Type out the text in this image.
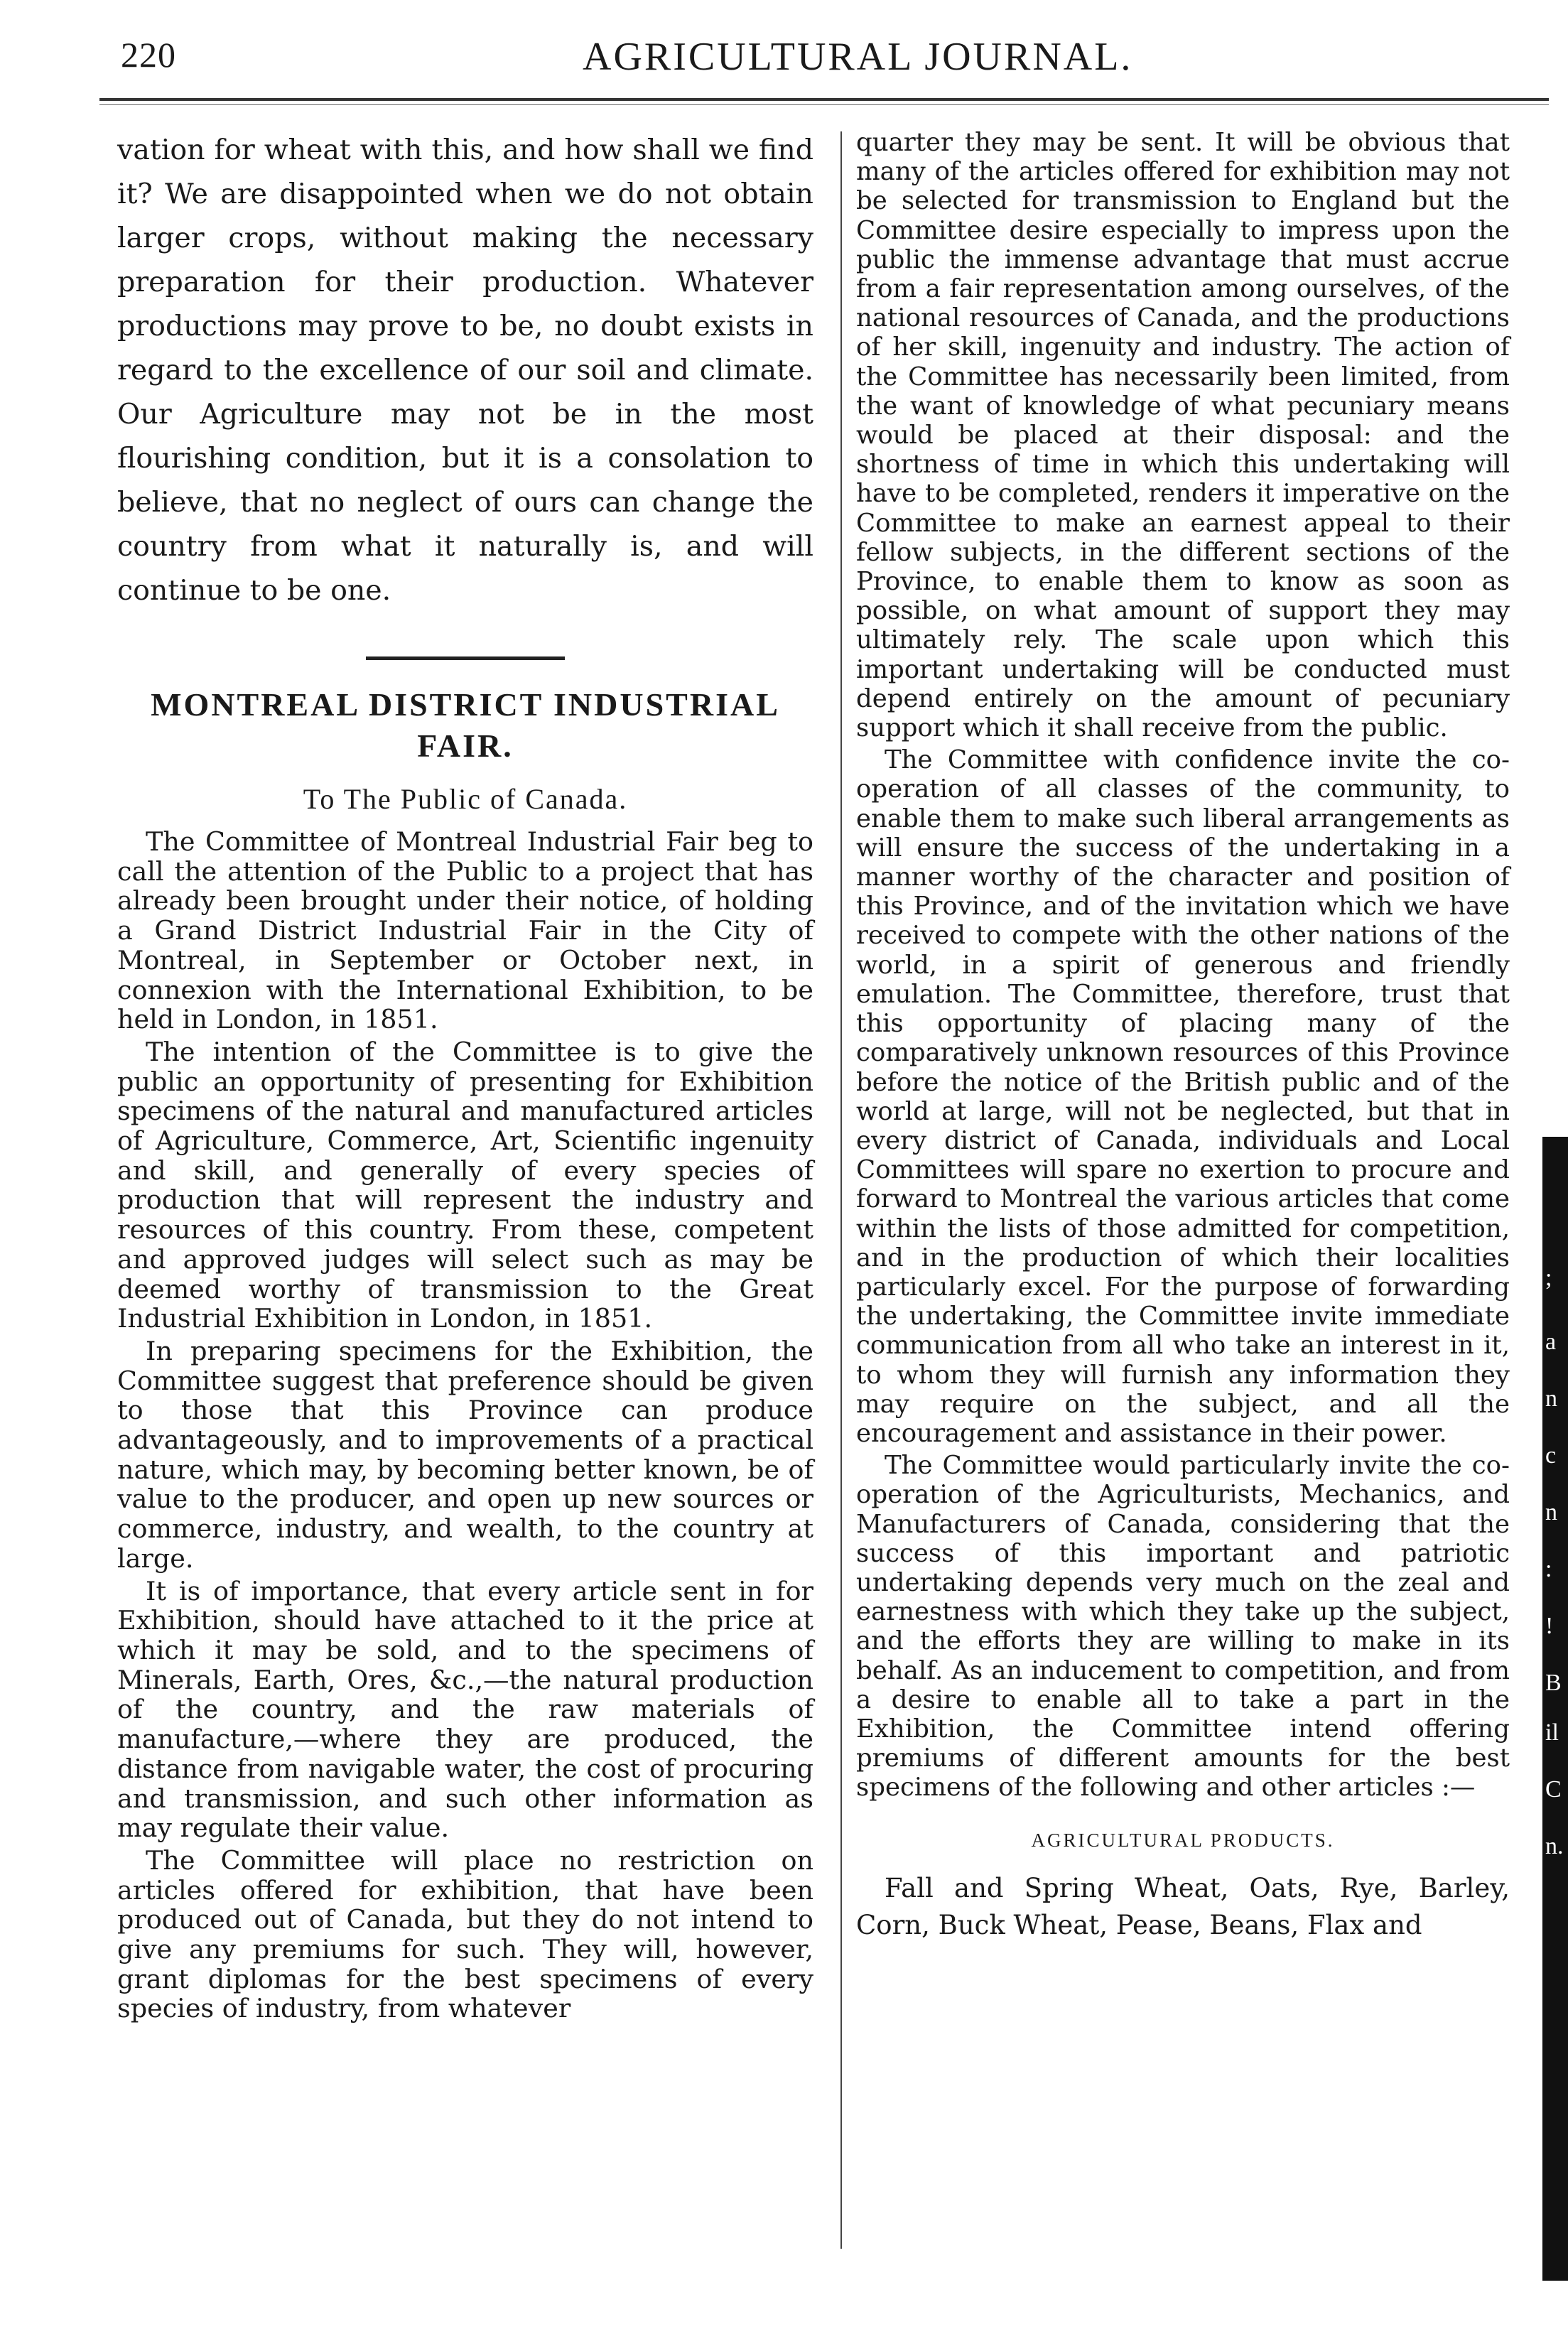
220	AGRICULTURAL JOURNAL.

vation for wheat with this, and how shall we find it? We are disappointed when we do not obtain larger crops, without making the necessary preparation for their production. Whatever productions may prove to be, no doubt exists in regard to the excellence of our soil and climate. Our Agriculture may not be in the most flourishing condition, but it is a consolation to believe, that no neglect of ours can change the country from what it naturally is, and will continue to be one.

MONTREAL DISTRICT INDUSTRIAL FAIR.
To The Public of Canada.

The Committee of Montreal Industrial Fair beg to call the attention of the Public to a project that has already been brought under their notice, of holding a Grand District Industrial Fair in the City of Montreal, in September or October next, in connexion with the International Exhibition, to be held in London, in 1851.

The intention of the Committee is to give the public an opportunity of presenting for Exhibition specimens of the natural and manufactured articles of Agriculture, Commerce, Art, Scientific ingenuity and skill, and generally of every species of production that will represent the industry and resources of this country. From these, competent and approved judges will select such as may be deemed worthy of transmission to the Great Industrial Exhibition in London, in 1851.

In preparing specimens for the Exhibition, the Committee suggest that preference should be given to those that this Province can produce advantageously, and to improvements of a practical nature, which may, by becoming better known, be of value to the producer, and open up new sources or commerce, industry, and wealth, to the country at large.

It is of importance, that every article sent in for Exhibition, should have attached to it the price at which it may be sold, and to the specimens of Minerals, Earth, Ores, &c.,—the natural production of the country, and the raw materials of manufacture,—where they are produced, the distance from navigable water, the cost of procuring and transmission, and such other information as may regulate their value.

The Committee will place no restriction on articles offered for exhibition, that have been produced out of Canada, but they do not intend to give any premiums for such. They will, however, grant diplomas for the best specimens of every species of industry, from whatever

quarter they may be sent. It will be obvious that many of the articles offered for exhibition may not be selected for transmission to England but the Committee desire especially to impress upon the public the immense advantage that must accrue from a fair representation among ourselves, of the national resources of Canada, and the productions of her skill, ingenuity and industry. The action of the Committee has necessarily been limited, from the want of knowledge of what pecuniary means would be placed at their disposal: and the shortness of time in which this undertaking will have to be completed, renders it imperative on the Committee to make an earnest appeal to their fellow subjects, in the different sections of the Province, to enable them to know as soon as possible, on what amount of support they may ultimately rely. The scale upon which this important undertaking will be conducted must depend entirely on the amount of pecuniary support which it shall receive from the public.

The Committee with confidence invite the co-operation of all classes of the community, to enable them to make such liberal arrangements as will ensure the success of the undertaking in a manner worthy of the character and position of this Province, and of the invitation which we have received to compete with the other nations of the world, in a spirit of generous and friendly emulation. The Committee, therefore, trust that this opportunity of placing many of the comparatively unknown resources of this Province before the notice of the British public and of the world at large, will not be neglected, but that in every district of Canada, individuals and Local Committees will spare no exertion to procure and forward to Montreal the various articles that come within the lists of those admitted for competition, and in the production of which their localities particularly excel. For the purpose of forwarding the undertaking, the Committee invite immediate communication from all who take an interest in it, to whom they will furnish any information they may require on the subject, and all the encouragement and assistance in their power.

The Committee would particularly invite the co-operation of the Agriculturists, Mechanics, and Manufacturers of Canada, considering that the success of this important and patriotic undertaking depends very much on the zeal and earnestness with which they take up the subject, and the efforts they are willing to make in its behalf. As an inducement to competition, and from a desire to enable all to take a part in the Exhibition, the Committee intend offering premiums of different amounts for the best specimens of the following and other articles :—

AGRICULTURAL PRODUCTS.

Fall and Spring Wheat, Oats, Rye, Barley, Corn, Buck Wheat, Pease, Beans, Flax and

;
a
n
c
n
:
!
B
il
C
n.
